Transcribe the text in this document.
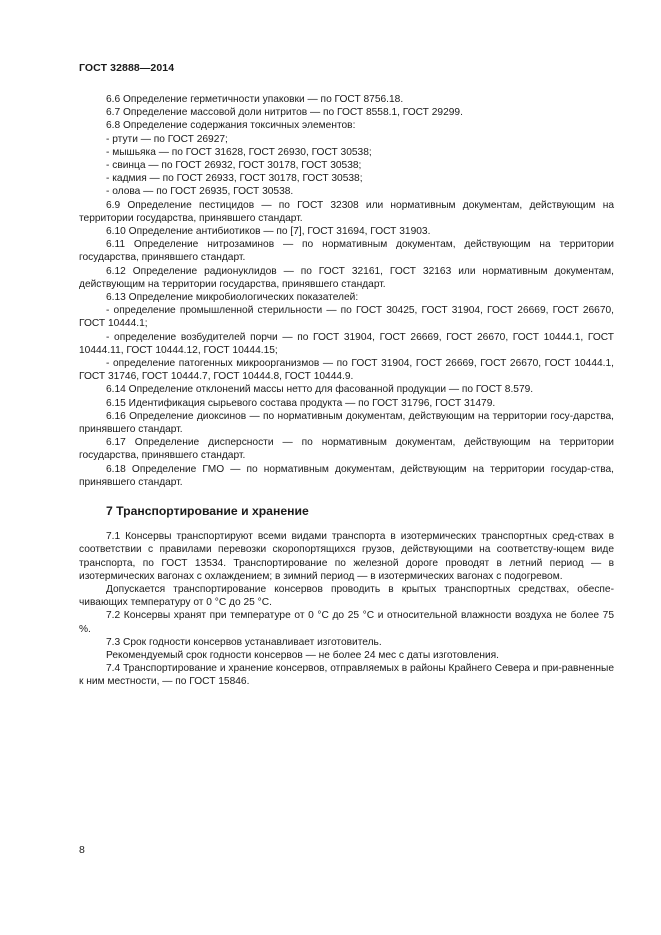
ГОСТ 32888—2014

6.6 Определение герметичности упаковки — по ГОСТ 8756.18.

6.7 Определение массовой доли нитритов — по ГОСТ 8558.1, ГОСТ 29299.

6.8 Определение содержания токсичных элементов:

- ртути — по ГОСТ 26927;

- мышьяка — по ГОСТ 31628, ГОСТ 26930, ГОСТ 30538;

- свинца — по ГОСТ 26932, ГОСТ 30178, ГОСТ 30538;

- кадмия — по ГОСТ 26933, ГОСТ 30178, ГОСТ 30538;

- олова — по ГОСТ 26935, ГОСТ 30538.

6.9 Определение пестицидов — по ГОСТ 32308 или нормативным документам, действующим на территории государства, принявшего стандарт.

6.10 Определение антибиотиков — по [7], ГОСТ 31694, ГОСТ 31903.

6.11 Определение нитрозаминов — по нормативным документам, действующим на территории государства, принявшего стандарт.

6.12 Определение радионуклидов — по ГОСТ 32161, ГОСТ 32163 или нормативным документам, действующим на территории государства, принявшего стандарт.

6.13 Определение микробиологических показателей:

- определение промышленной стерильности — по ГОСТ 30425, ГОСТ 31904, ГОСТ 26669, ГОСТ 26670, ГОСТ 10444.1;

- определение возбудителей порчи — по ГОСТ 31904, ГОСТ 26669, ГОСТ 26670, ГОСТ 10444.1, ГОСТ 10444.11, ГОСТ 10444.12, ГОСТ 10444.15;

- определение патогенных микроорганизмов — по ГОСТ 31904, ГОСТ 26669, ГОСТ 26670, ГОСТ 10444.1, ГОСТ 31746, ГОСТ 10444.7, ГОСТ 10444.8, ГОСТ 10444.9.

6.14 Определение отклонений массы нетто для фасованной продукции — по ГОСТ 8.579.

6.15 Идентификация сырьевого состава продукта — по ГОСТ 31796, ГОСТ 31479.

6.16 Определение диоксинов — по нормативным документам, действующим на территории госу-дарства, принявшего стандарт.

6.17 Определение дисперсности — по нормативным документам, действующим на территории государства, принявшего стандарт.

6.18 Определение ГМО — по нормативным документам, действующим на территории государ-ства, принявшего стандарт.

7 Транспортирование и хранение

7.1 Консервы транспортируют всеми видами транспорта в изотермических транспортных сред-ствах в соответствии с правилами перевозки скоропортящихся грузов, действующими на соответству-ющем виде транспорта, по ГОСТ 13534. Транспортирование по железной дороге проводят в летний период — в изотермических вагонах с охлаждением; в зимний период — в изотермических вагонах с подогревом.

Допускается транспортирование консервов проводить в крытых транспортных средствах, обеспе-чивающих температуру от 0 °С до 25 °С.

7.2 Консервы хранят при температуре от 0 °С до 25 °С и относительной влажности воздуха не более 75 %.

7.3 Срок годности консервов устанавливает изготовитель.

Рекомендуемый срок годности консервов — не более 24 мес с даты изготовления.

7.4 Транспортирование и хранение консервов, отправляемых в районы Крайнего Севера и при-равненные к ним местности, — по ГОСТ 15846.

8
